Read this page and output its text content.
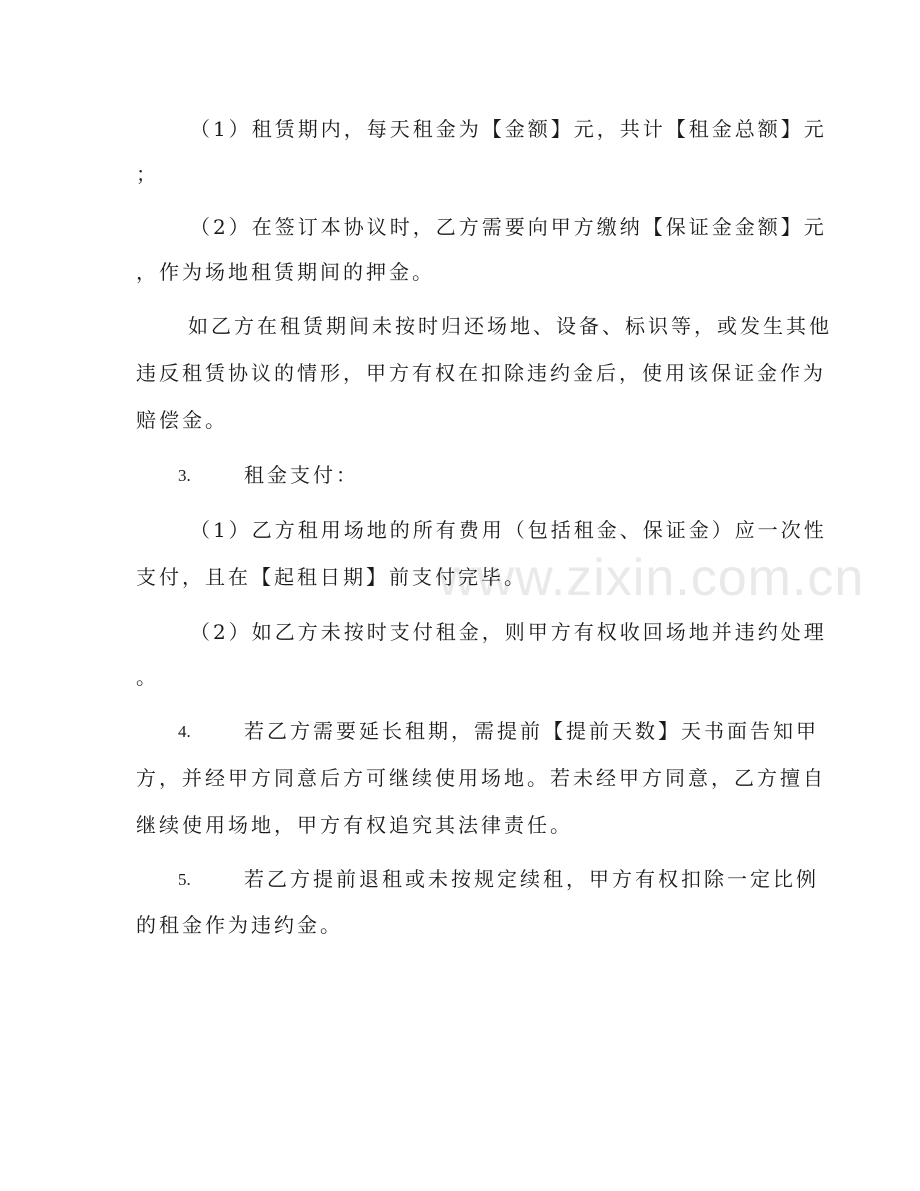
www.zixin.com.cn
（1）租赁期内，每天租金为【金额】元，共计【租金总额】元
；
（2）在签订本协议时，乙方需要向甲方缴纳【保证金金额】元
，作为场地租赁期间的押金。
如乙方在租赁期间未按时归还场地、设备、标识等，或发生其他
违反租赁协议的情形，甲方有权在扣除违约金后，使用该保证金作为
赔偿金。
3.	租金支付：
（1）乙方租用场地的所有费用（包括租金、保证金）应一次性
支付，且在【起租日期】前支付完毕。
（2）如乙方未按时支付租金，则甲方有权收回场地并违约处理
。
4.	若乙方需要延长租期，需提前【提前天数】天书面告知甲
方，并经甲方同意后方可继续使用场地。若未经甲方同意，乙方擅自
继续使用场地，甲方有权追究其法律责任。
5.	若乙方提前退租或未按规定续租，甲方有权扣除一定比例
的租金作为违约金。
